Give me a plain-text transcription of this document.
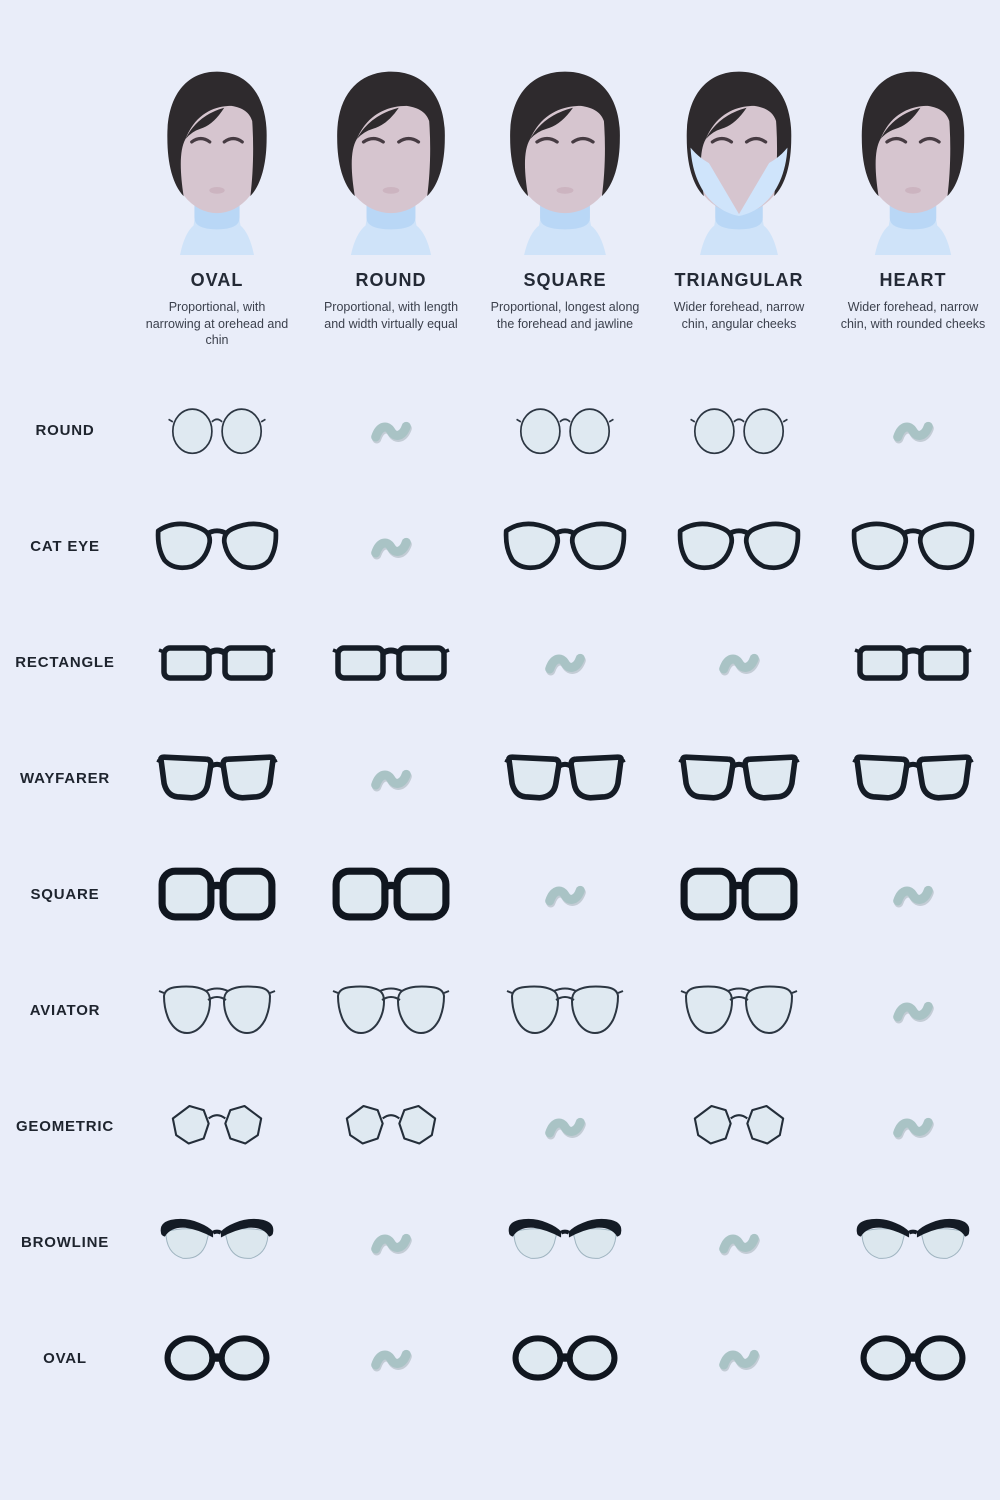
OVAL

Proportional, with narrowing at orehead and chin

ROUND

Proportional, with length and width virtually equal

SQUARE

Proportional, longest along the forehead and jawline

TRIANGULAR

Wider forehead, narrow chin, angular cheeks

HEART

Wider forehead, narrow chin, with rounded cheeks

ROUND
CAT EYE
RECTANGLE
WAYFARER
SQUARE
AVIATOR
GEOMETRIC
BROWLINE
OVAL
